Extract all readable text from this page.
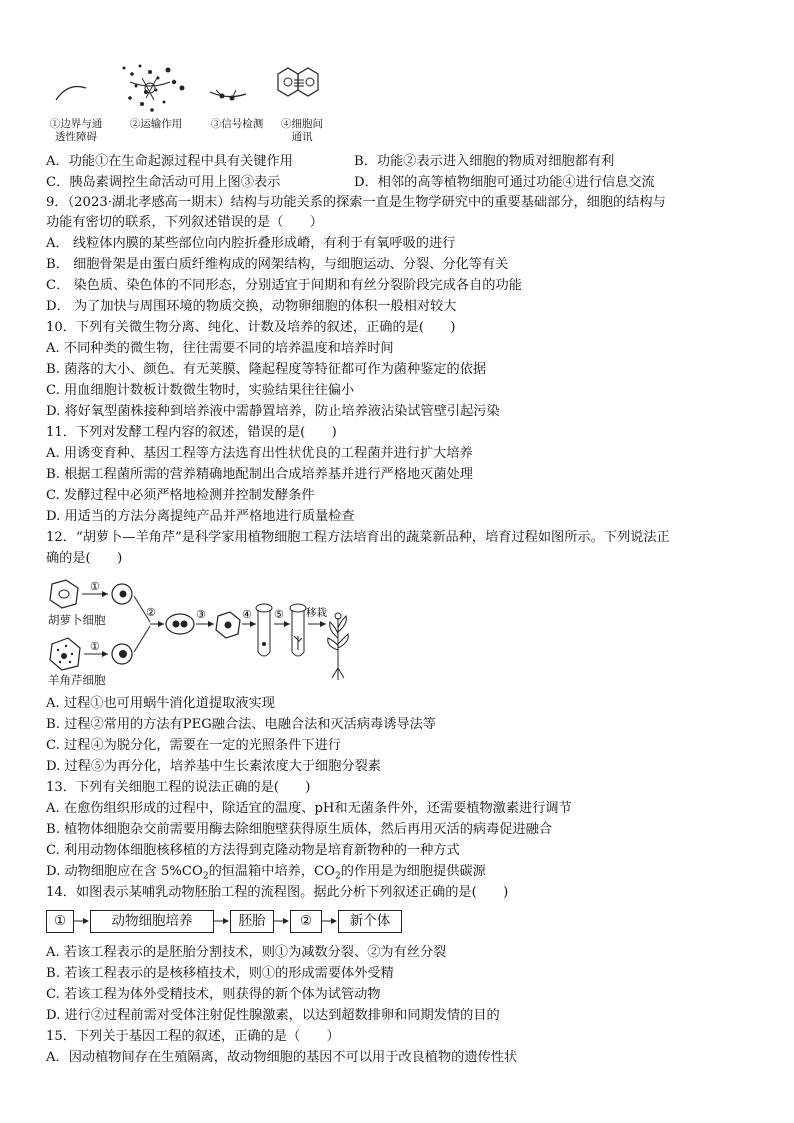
①边界与通
透性障碍
②运输作用	③信号检测	④细胞间
通讯
A．功能①在生命起源过程中具有关键作用	B．功能②表示进入细胞的物质对细胞都有利
C．胰岛素调控生命活动可用上图③表示	D．相邻的高等植物细胞可通过功能④进行信息交流
9．（2023·湖北孝感高一期末）结构与功能关系的探索一直是生物学研究中的重要基础部分，细胞的结构与
功能有密切的联系，下列叙述错误的是（　　）
A． 线粒体内膜的某些部位向内腔折叠形成嵴，有利于有氧呼吸的进行
B． 细胞骨架是由蛋白质纤维构成的网架结构，与细胞运动、分裂、分化等有关
C． 染色质、染色体的不同形态，分别适宜于间期和有丝分裂阶段完成各自的功能
D． 为了加快与周围环境的物质交换，动物卵细胞的体积一般相对较大
10．下列有关微生物分离、纯化、计数及培养的叙述，正确的是(　　)
A. 不同种类的微生物，往往需要不同的培养温度和培养时间
B. 菌落的大小、颜色、有无荚膜、隆起程度等特征都可作为菌种鉴定的依据
C. 用血细胞计数板计数微生物时，实验结果往往偏小
D. 将好氧型菌株接种到培养液中需静置培养，防止培养液沾染试管壁引起污染
11．下列对发酵工程内容的叙述，错误的是(　　)
A. 用诱变育种、基因工程等方法选育出性状优良的工程菌并进行扩大培养
B. 根据工程菌所需的营养精确地配制出合成培养基并进行严格地灭菌处理
C. 发酵过程中必须严格地检测并控制发酵条件
D. 用适当的方法分离提纯产品并严格地进行质量检查
12．“胡萝卜—羊角芹”是科学家用植物细胞工程方法培育出的蔬菜新品种，培育过程如图所示。下列说法正
确的是(　　)
①
①
②	③	④ ⑤ 移栽
胡萝卜细胞
羊角芹细胞
A. 过程①也可用蜗牛消化道提取液实现
B. 过程②常用的方法有PEG融合法、电融合法和灭活病毒诱导法等
C. 过程④为脱分化，需要在一定的光照条件下进行
D. 过程⑤为再分化，培养基中生长素浓度大于细胞分裂素
13．下列有关细胞工程的说法正确的是(　　)
A. 在愈伤组织形成的过程中，除适宜的温度、pH和无菌条件外，还需要植物激素进行调节
B. 植物体细胞杂交前需要用酶去除细胞壁获得原生质体，然后再用灭活的病毒促进融合
C. 利用动物体细胞核移植的方法得到克隆动物是培育新物种的一种方式
D. 动物细胞应在含 $5\%CO_2$的恒温箱中培养，$CO_2$的作用是为细胞提供碳源
14．如图表示某哺乳动物胚胎工程的流程图。据此分析下列叙述正确的是(　　)
①	动物细胞培养	胚胎	②	新个体
A. 若该工程表示的是胚胎分割技术，则①为减数分裂、②为有丝分裂
B. 若该工程表示的是核移植技术，则①的形成需要体外受精
C. 若该工程为体外受精技术，则获得的新个体为试管动物
D. 进行②过程前需对受体注射促性腺激素，以达到超数排卵和同期发情的目的
15．下列关于基因工程的叙述，正确的是（　　）
A．因动植物间存在生殖隔离，故动物细胞的基因不可以用于改良植物的遗传性状
